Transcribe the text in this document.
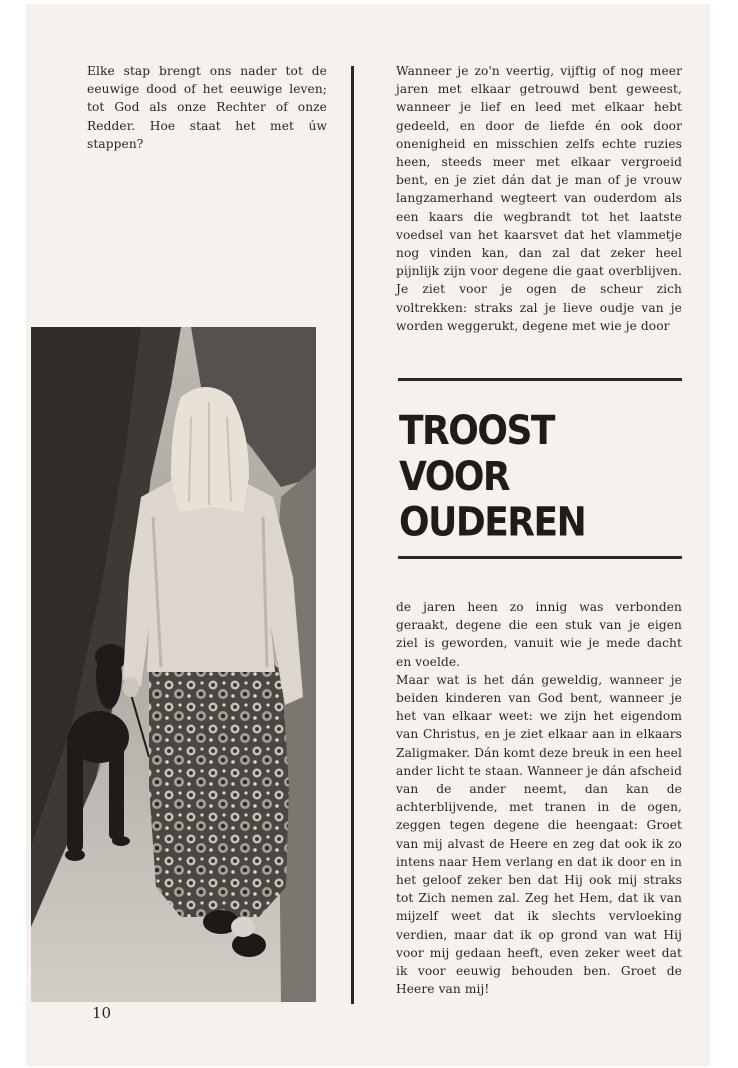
Elke stap brengt ons nader tot de eeuwige dood of het eeuwige leven; tot God als onze Rechter of onze Redder. Hoe staat het met úw stappen?
10
Wanneer je zo'n veertig, vijftig of nog meer jaren met elkaar getrouwd bent geweest, wanneer je lief en leed met elkaar hebt gedeeld, en door de liefde én ook door onenigheid en misschien zelfs echte ruzies heen, steeds meer met elkaar vergroeid bent, en je ziet dán dat je man of je vrouw langzamerhand wegteert van ouderdom als een kaars die wegbrandt tot het laatste voedsel van het kaarsvet dat het vlammetje nog vinden kan, dan zal dat zeker heel pijnlijk zijn voor degene die gaat overblijven. Je ziet voor je ogen de scheur zich voltrekken: straks zal je lieve oudje van je worden weggerukt, degene met wie je door
TROOST
VOOR
OUDEREN

de jaren heen zo innig was verbonden geraakt, degene die een stuk van je eigen ziel is geworden, vanuit wie je mede dacht en voelde.

Maar wat is het dán geweldig, wanneer je beiden kinderen van God bent, wanneer je het van elkaar weet: we zijn het eigendom van Christus, en je ziet elkaar aan in elkaars Zaligmaker. Dán komt deze breuk in een heel ander licht te staan. Wanneer je dán afscheid van de ander neemt, dan kan de achterblijvende, met tranen in de ogen, zeggen tegen degene die heengaat: Groet van mij alvast de Heere en zeg dat ook ik zo intens naar Hem verlang en dat ik door en in het geloof zeker ben dat Hij ook mij straks tot Zich nemen zal. Zeg het Hem, dat ik van mijzelf weet dat ik slechts vervloeking verdien, maar dat ik op grond van wat Hij voor mij gedaan heeft, even zeker weet dat ik voor eeuwig behouden ben. Groet de Heere van mij!
